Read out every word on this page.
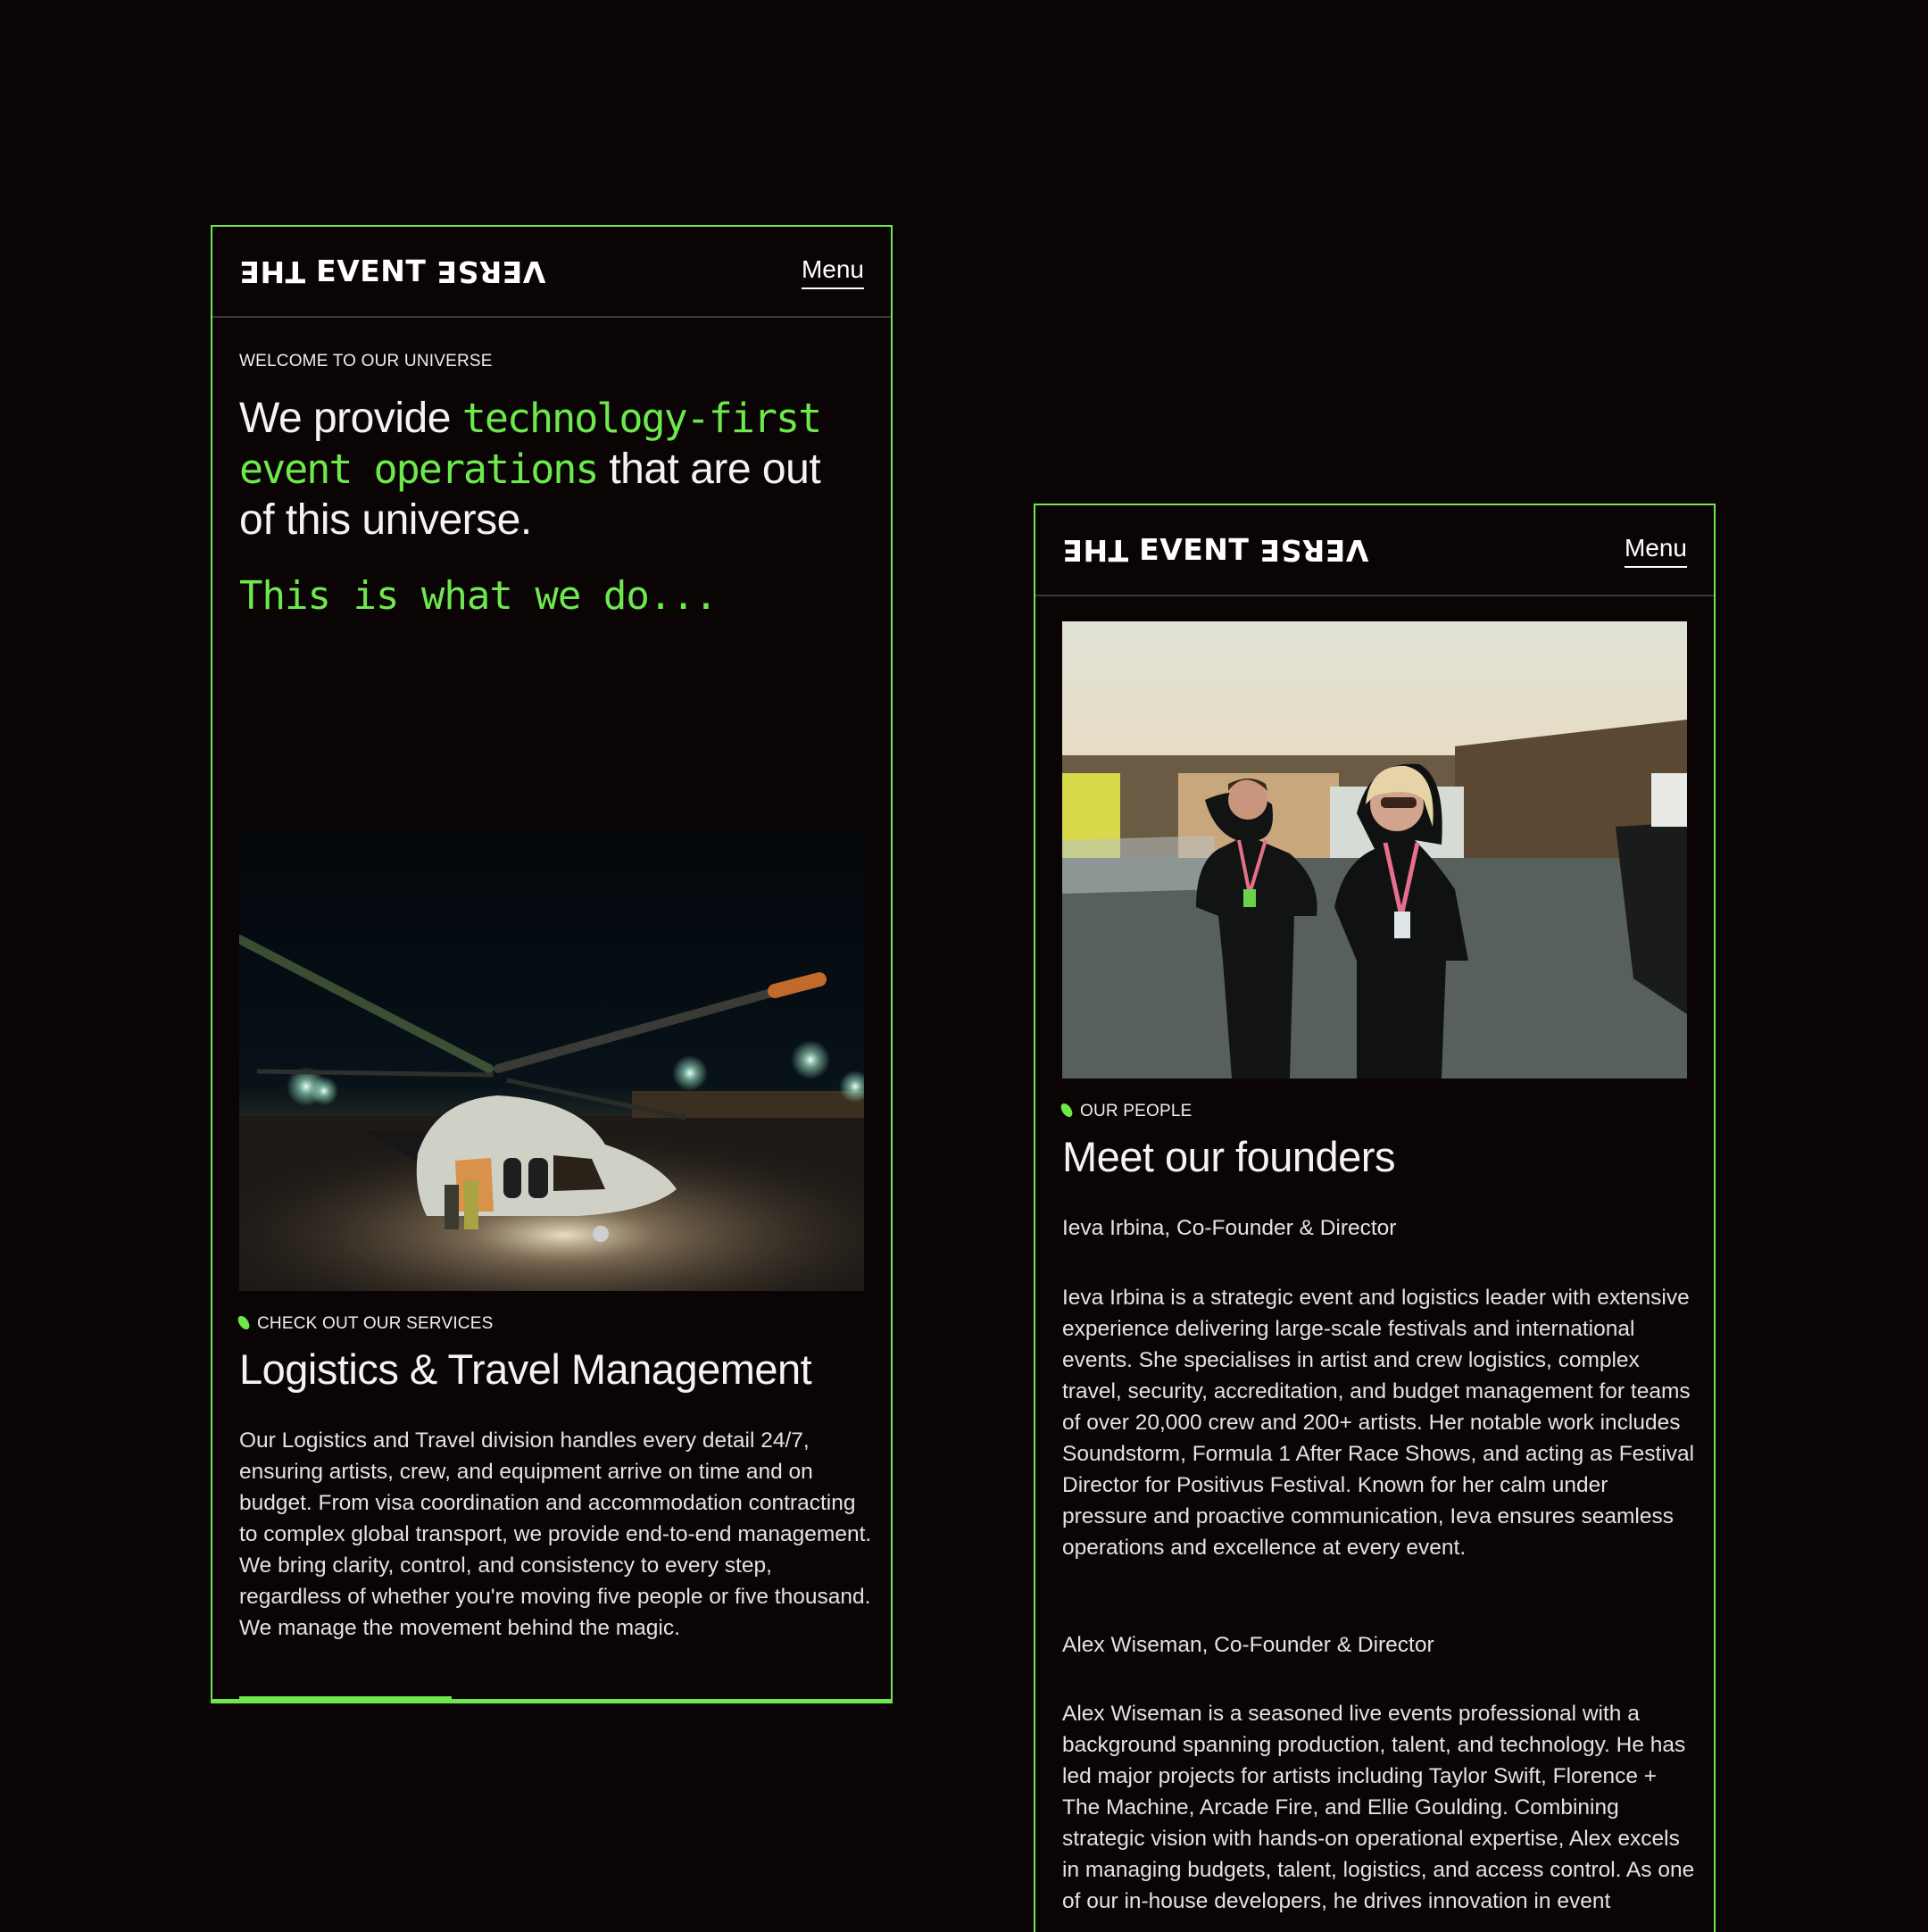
THE EVENT VERSE	Menu
WELCOME TO OUR UNIVERSE
We provide technology-first event operations that are out of this universe.
This is what we do...
CHECK OUT OUR SERVICES
Logistics & Travel Management
Our Logistics and Travel division handles every detail 24/7, ensuring artists, crew, and equipment arrive on time and on budget. From visa coordination and accommodation contracting to complex global transport, we provide end-to-end management. We bring clarity, control, and consistency to every step, regardless of whether you're moving five people or five thousand. We manage the movement behind the magic.
THE EVENT VERSE	Menu
OUR PEOPLE
Meet our founders
Ieva Irbina, Co-Founder & Director
Ieva Irbina is a strategic event and logistics leader with extensive experience delivering large-scale festivals and international events. She specialises in artist and crew logistics, complex travel, security, accreditation, and budget management for teams of over 20,000 crew and 200+ artists. Her notable work includes Soundstorm, Formula 1 After Race Shows, and acting as Festival Director for Positivus Festival. Known for her calm under pressure and proactive communication, Ieva ensures seamless operations and excellence at every event.
Alex Wiseman, Co-Founder & Director
Alex Wiseman is a seasoned live events professional with a background spanning production, talent, and technology. He has led major projects for artists including Taylor Swift, Florence + The Machine, Arcade Fire, and Ellie Goulding. Combining strategic vision with hands-on operational expertise, Alex excels in managing budgets, talent, logistics, and access control. As one of our in-house developers, he drives innovation in event
